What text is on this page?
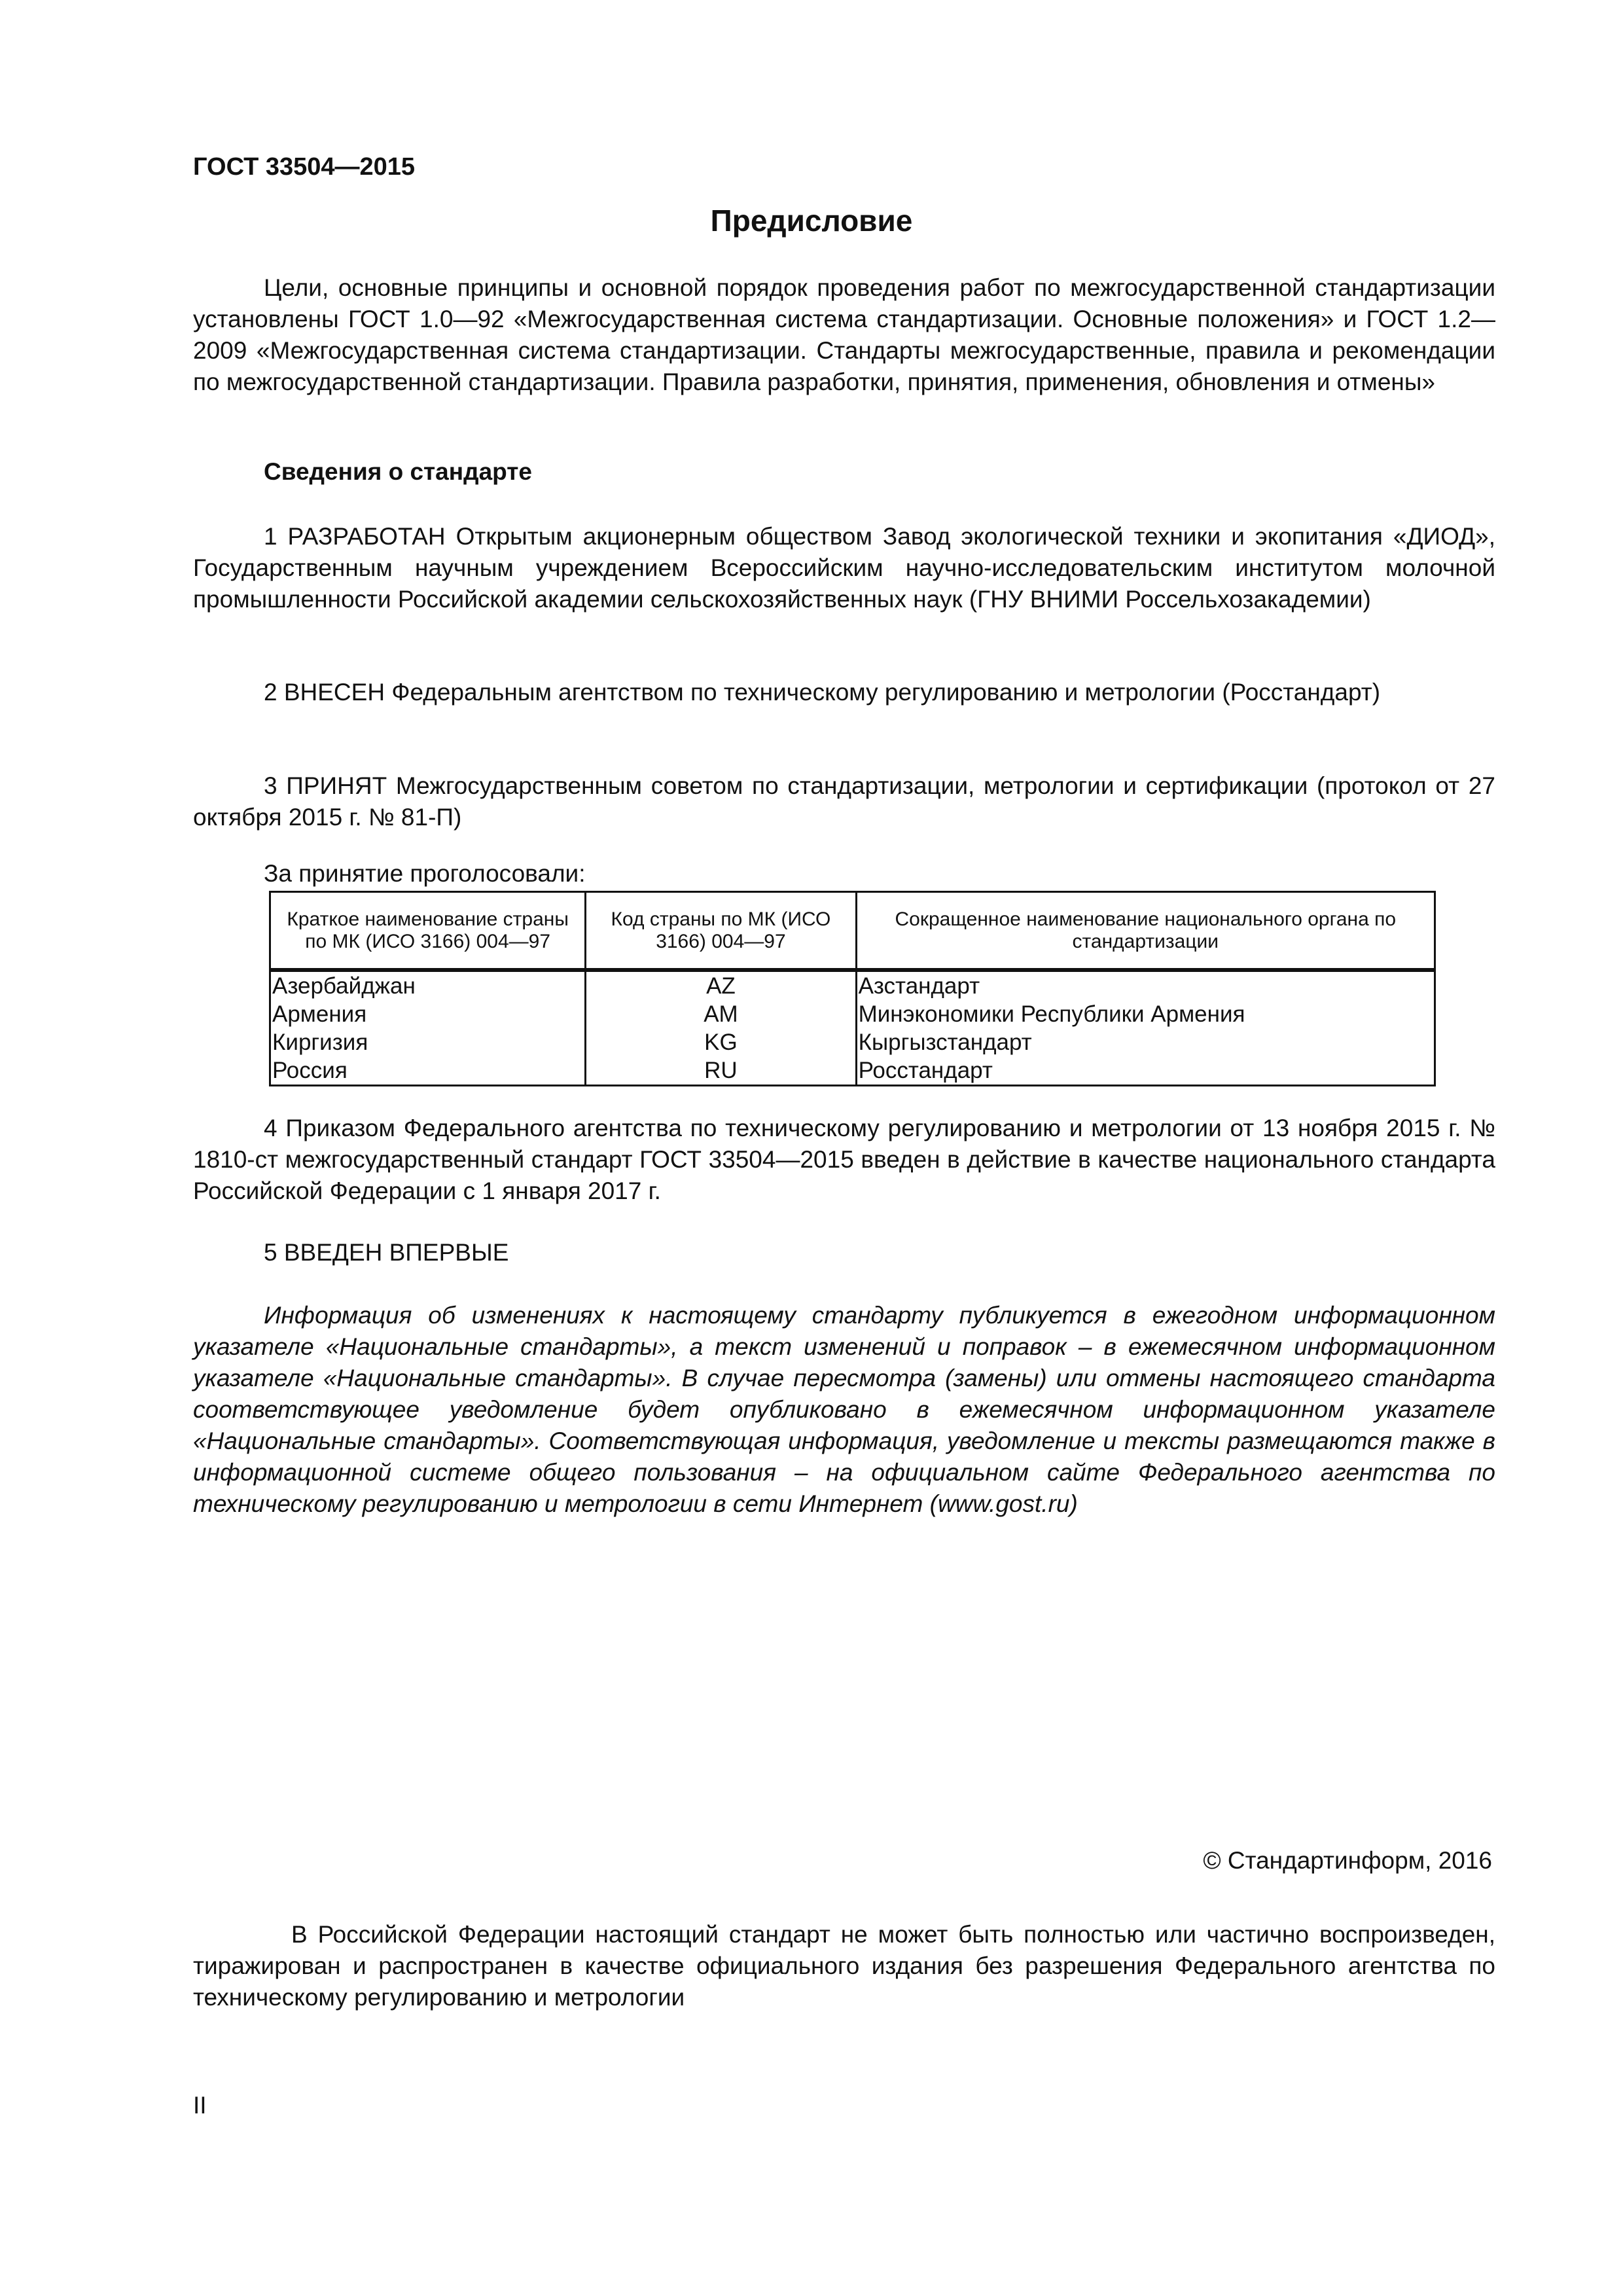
ГОСТ 33504—2015

Предисловие

Цели, основные принципы и основной порядок проведения работ по межгосударственной стандартизации установлены ГОСТ 1.0—92 «Межгосударственная система стандартизации. Основные положения» и ГОСТ 1.2—2009 «Межгосударственная система стандартизации. Стандарты межгосударственные, правила и рекомендации по межгосударственной стандартизации. Правила разработки, принятия, применения, обновления и отмены»

Сведения о стандарте

1 РАЗРАБОТАН Открытым акционерным обществом Завод экологической техники и экопитания «ДИОД», Государственным научным учреждением Всероссийским научно-исследовательским институтом молочной промышленности Российской академии сельскохозяйственных наук (ГНУ ВНИМИ Россельхозакадемии)

2 ВНЕСЕН Федеральным агентством по техническому регулированию и метрологии (Росстандарт)

3 ПРИНЯТ Межгосударственным советом по стандартизации, метрологии и сертификации (протокол от 27 октября 2015 г. № 81-П)

За принятие проголосовали:

Краткое наименование страны по МК (ИСО 3166) 004—97	Код страны по МК (ИСО 3166) 004—97	Сокращенное наименование национального органа по стандартизации
Азербайджан	AZ	Азстандарт
Армения	AM	Минэкономики Республики Армения
Киргизия	KG	Кыргызстандарт
Россия	RU	Росстандарт

4 Приказом Федерального агентства по техническому регулированию и метрологии от 13 ноября 2015 г. № 1810-ст межгосударственный стандарт ГОСТ 33504—2015 введен в действие в качестве национального стандарта Российской Федерации с 1 января 2017 г.

5 ВВЕДЕН ВПЕРВЫЕ

Информация об изменениях к настоящему стандарту публикуется в ежегодном информационном указателе «Национальные стандарты», а текст изменений и поправок – в ежемесячном информационном указателе «Национальные стандарты». В случае пересмотра (замены) или отмены настоящего стандарта соответствующее уведомление будет опубликовано в ежемесячном информационном указателе «Национальные стандарты». Соответствующая информация, уведомление и тексты размещаются также в информационной системе общего пользования – на официальном сайте Федерального агентства по техническому регулированию и метрологии в сети Интернет (www.gost.ru)

© Стандартинформ, 2016

В Российской Федерации настоящий стандарт не может быть полностью или частично воспроизведен, тиражирован и распространен в качестве официального издания без разрешения Федерального агентства по техническому регулированию и метрологии

II
